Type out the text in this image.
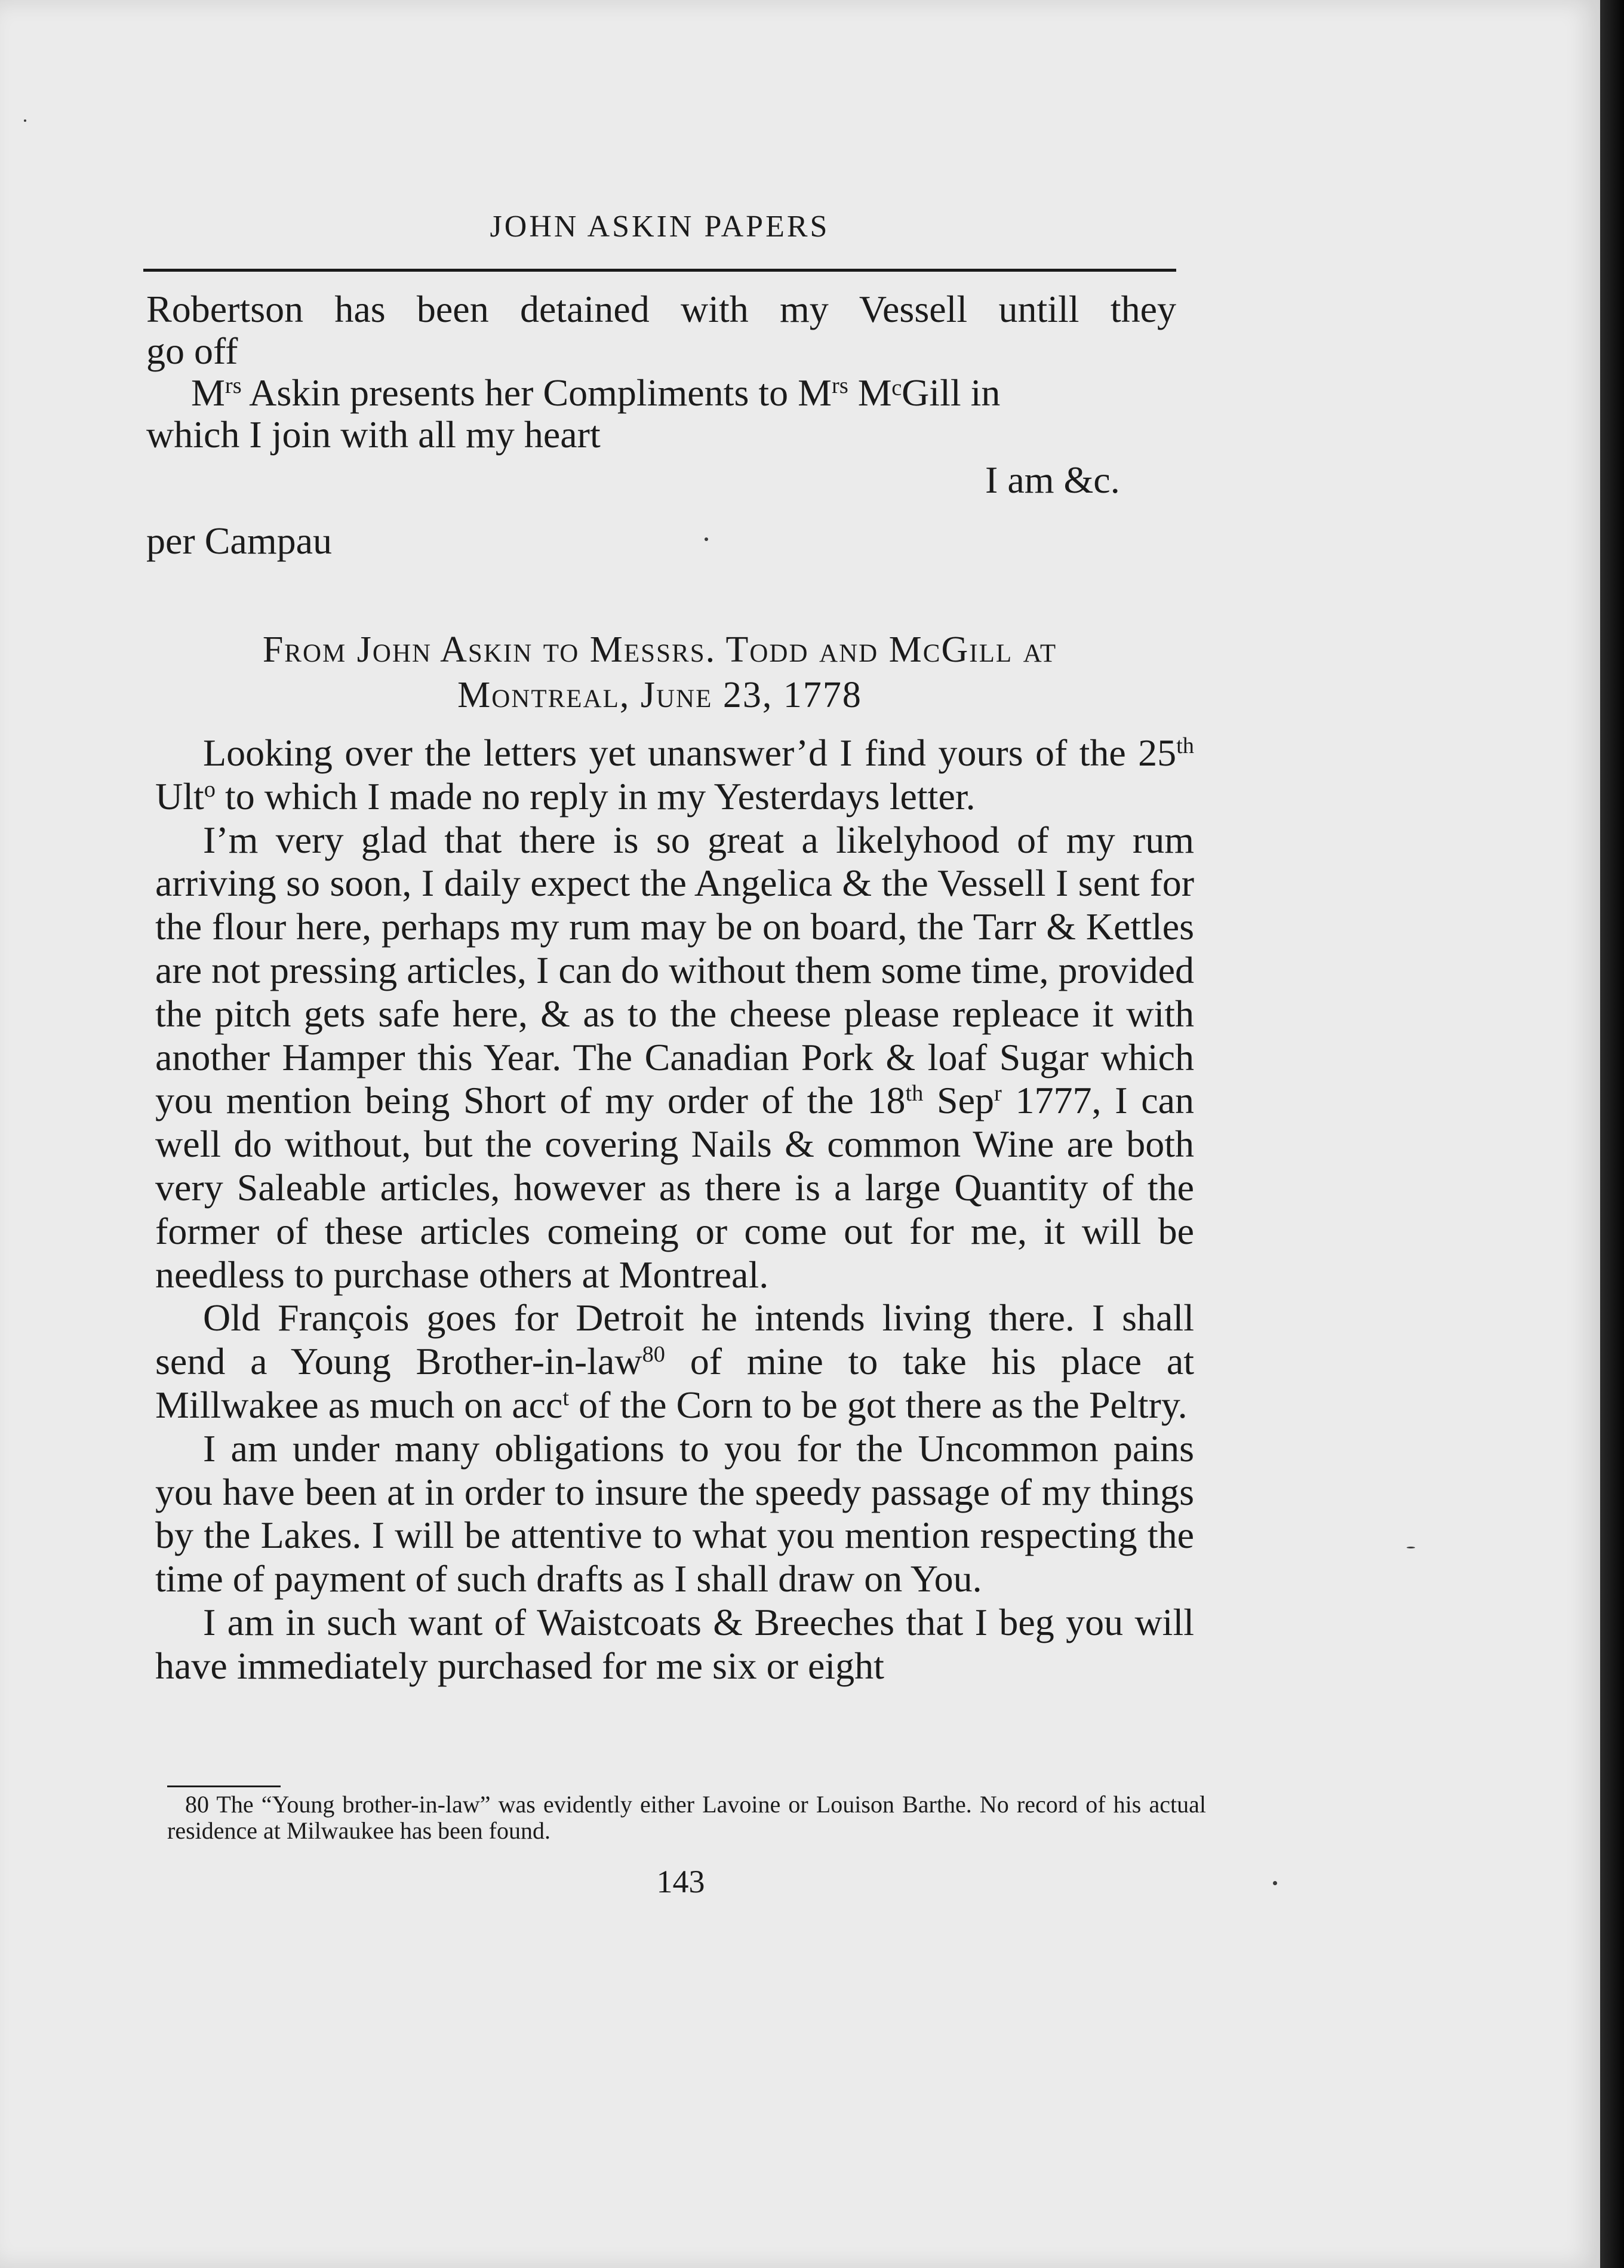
JOHN ASKIN PAPERS
Robertson has been detained with my Vessell untill they
go off
$M^{rs}$ Askin presents her Compliments to $M^{rs}$ MᶜGill in
which I join with all my heart
I am &c.
per Campau
From John Askin to Messrs. Todd and McGill at
Montreal, June 23, 1778

Looking over the letters yet unanswer’d I find yours of the 25th Ult$^o$ to which I made no reply in my Yesterdays letter.

I’m very glad that there is so great a likelyhood of my rum arriving so soon, I daily expect the Angelica & the Vessell I sent for the flour here, perhaps my rum may be on board, the Tarr & Kettles are not pressing articles, I can do without them some time, provided the pitch gets safe here, & as to the cheese please repleace it with another Hamper this Year. The Canadian Pork & loaf Sugar which you mention being Short of my order of the 18th Sep$^r$ 1777, I can well do without, but the covering Nails & common Wine are both very Saleable articles, however as there is a large Quantity of the former of these articles comeing or come out for me, it will be needless to purchase others at Montreal.

Old François goes for Detroit he intends living there. I shall send a Young Brother-in-law$^{80}$ of mine to take his place at Millwakee as much on acc$^t$ of the Corn to be got there as the Peltry.

I am under many obligations to you for the Uncommon pains you have been at in order to insure the speedy passage of my things by the Lakes. I will be attentive to what you mention respecting the time of payment of such drafts as I shall draw on You.

I am in such want of Waistcoats & Breeches that I beg you will have immediately purchased for me six or eight

80 The “Young brother-in-law” was evidently either Lavoine or Louison Barthe. No record of his actual residence at Milwaukee has been found.

143
